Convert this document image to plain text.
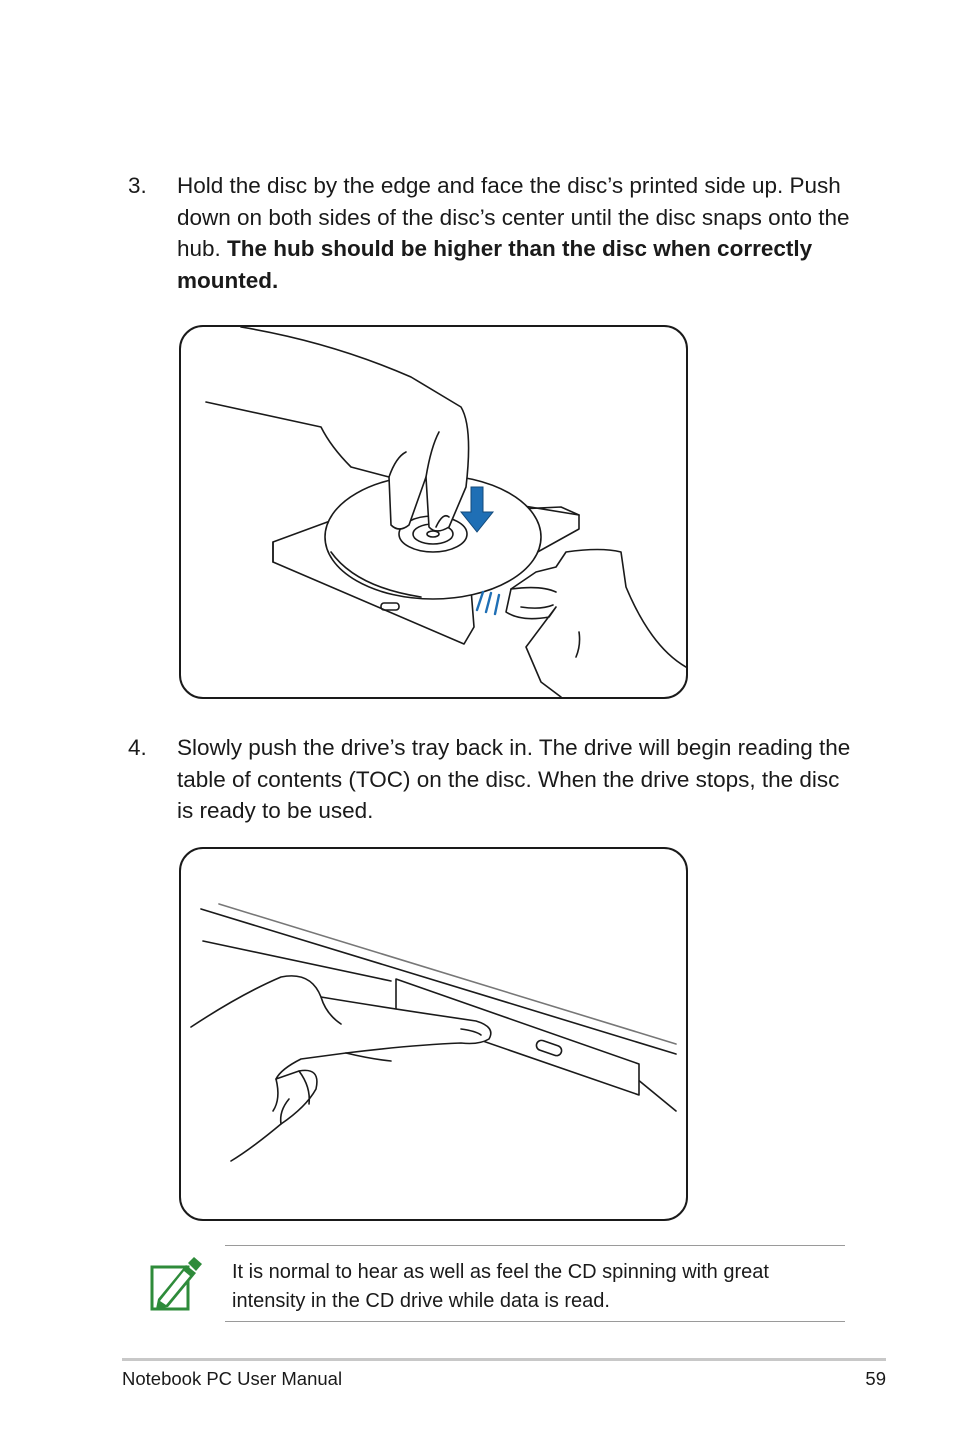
3. Hold the disc by the edge and face the disc’s printed side up. Push down on both sides of the disc’s center until the disc snaps onto the hub. The hub should be higher than the disc when correctly mounted.
4. Slowly push the drive’s tray back in. The drive will begin reading the table of contents (TOC) on the disc. When the drive stops, the disc is ready to be used.
It is normal to hear as well as feel the CD spinning with great intensity in the CD drive while data is read.
Notebook PC User Manual	59
